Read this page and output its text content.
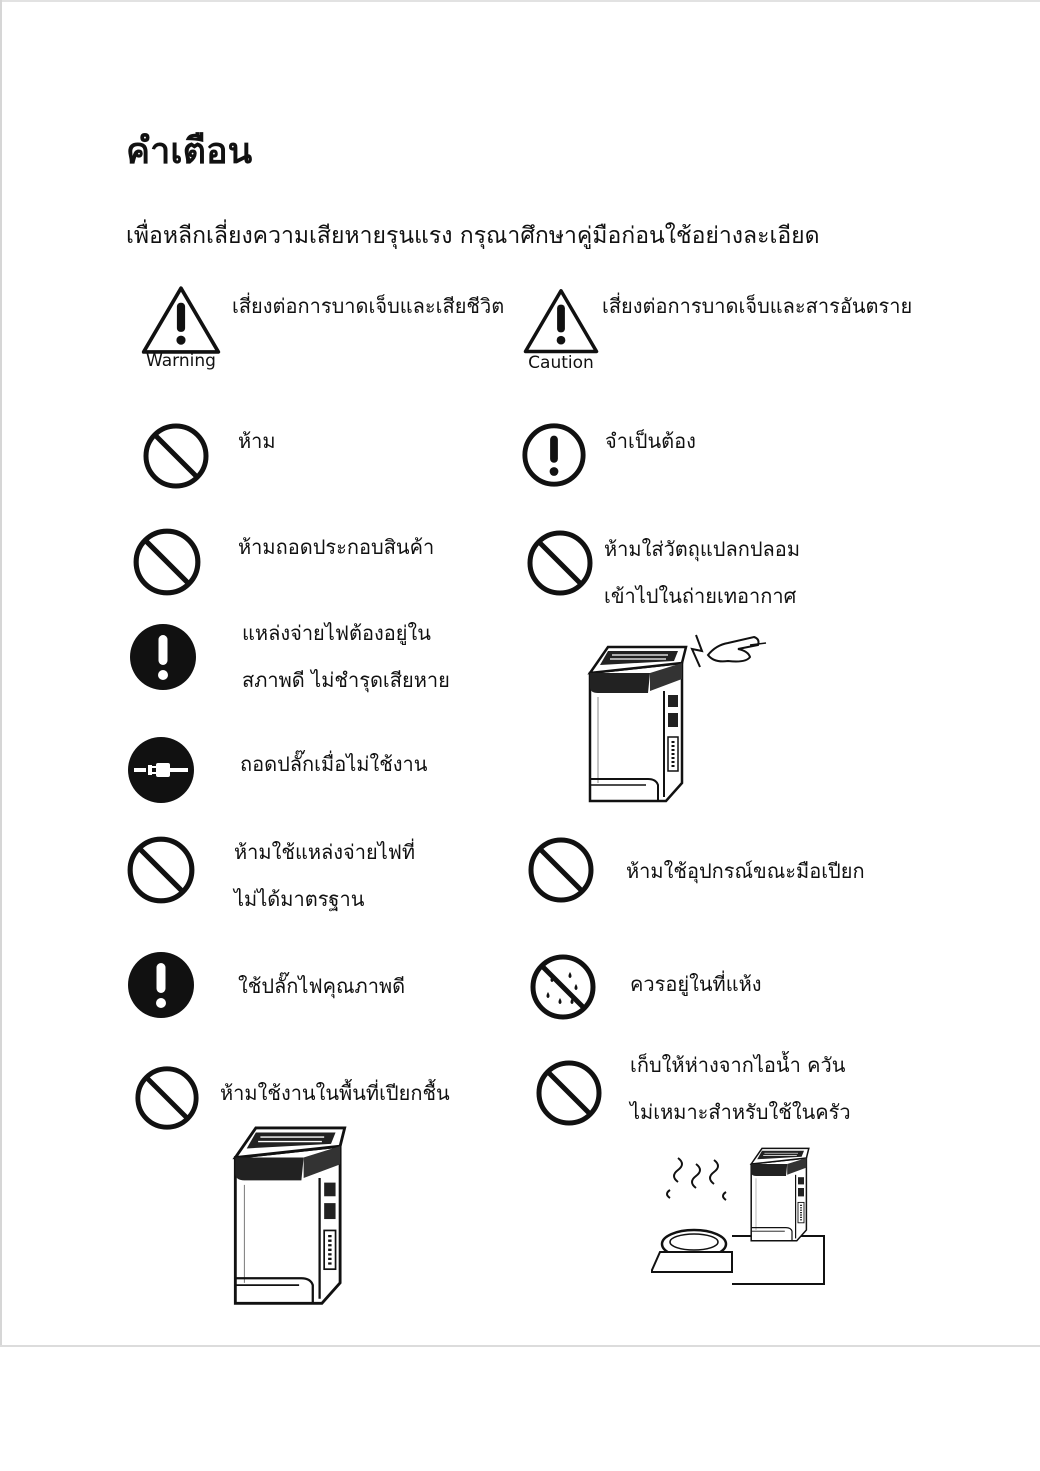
คำเตือน
เพื่อหลีกเลี่ยงความเสียหายรุนแรง กรุณาศึกษาคู่มือก่อนใช้อย่างละเอียด
Warning
เสี่ยงต่อการบาดเจ็บและเสียชีวิต
Caution
เสี่ยงต่อการบาดเจ็บและสารอันตราย
ห้าม	จำเป็นต้อง
ห้ามถอดประกอบสินค้า	ห้ามใส่วัตถุแปลกปลอม
เข้าไปในถ่ายเทอากาศ
แหล่งจ่ายไฟต้องอยู่ใน
สภาพดี ไม่ชำรุดเสียหาย
ถอดปลั๊กเมื่อไม่ใช้งาน
ห้ามใช้แหล่งจ่ายไฟที่
ไม่ได้มาตรฐาน
ห้ามใช้อุปกรณ์ขณะมือเปียก
ใช้ปลั๊กไฟคุณภาพดี	ควรอยู่ในที่แห้ง
ห้ามใช้งานในพื้นที่เปียกชื้น
เก็บให้ห่างจากไอน้ำ ควัน
ไม่เหมาะสำหรับใช้ในครัว
